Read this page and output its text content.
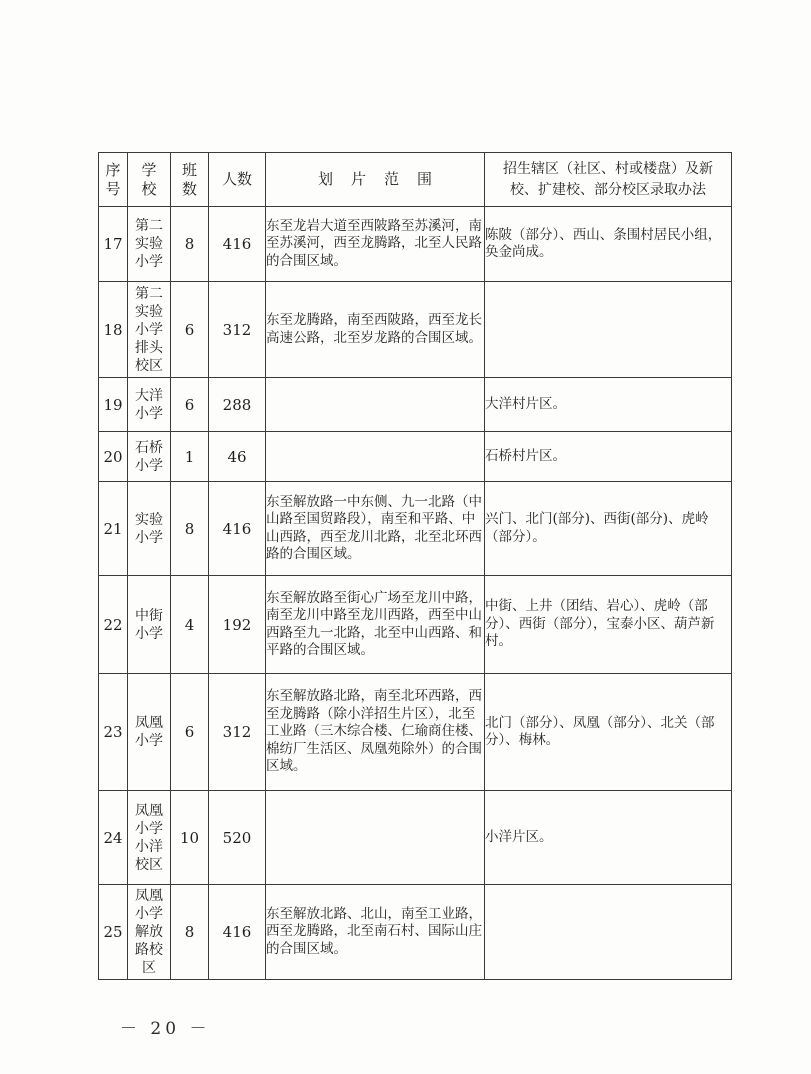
序号	学校	班数	人数	划片范围	招生辖区（社区、村或楼盘）及新校、扩建校、部分校区录取办法

17	第二实验小学	8	416	东至龙岩大道至西陂路至苏溪河，南至苏溪河，西至龙腾路，北至人民路的合围区域。	陈陂（部分）、西山、条围村居民小组，奂金尚成。
18	第二实验小学排头校区	6	312	东至龙腾路，南至西陂路，西至龙长高速公路，北至岁龙路的合围区域。	
19	大洋小学	6	288		大洋村片区。
20	石桥小学	1	46		石桥村片区。
21	实验小学	8	416	东至解放路一中东侧、九一北路（中山路至国贸路段），南至和平路、中山西路，西至龙川北路，北至北环西路的合围区域。	兴门、北门(部分)、西街(部分)、虎岭（部分）。
22	中街小学	4	192	东至解放路至街心广场至龙川中路，南至龙川中路至龙川西路，西至中山西路至九一北路，北至中山西路、和平路的合围区域。	中街、上井（团结、岩心）、虎岭（部分）、西街（部分），宝泰小区、葫芦新村。
23	凤凰小学	6	312	东至解放路北路，南至北环西路，西至龙腾路（除小洋招生片区），北至工业路（三木综合楼、仁瑜商住楼、棉纺厂生活区、凤凰苑除外）的合围区域。	北门（部分）、凤凰（部分）、北关（部分）、梅林。
24	凤凰小学小洋校区	10	520		小洋片区。
25	凤凰小学解放路校区	8	416	东至解放北路、北山，南至工业路，西至龙腾路，北至南石村、国际山庄的合围区域。	
－ 20 －
